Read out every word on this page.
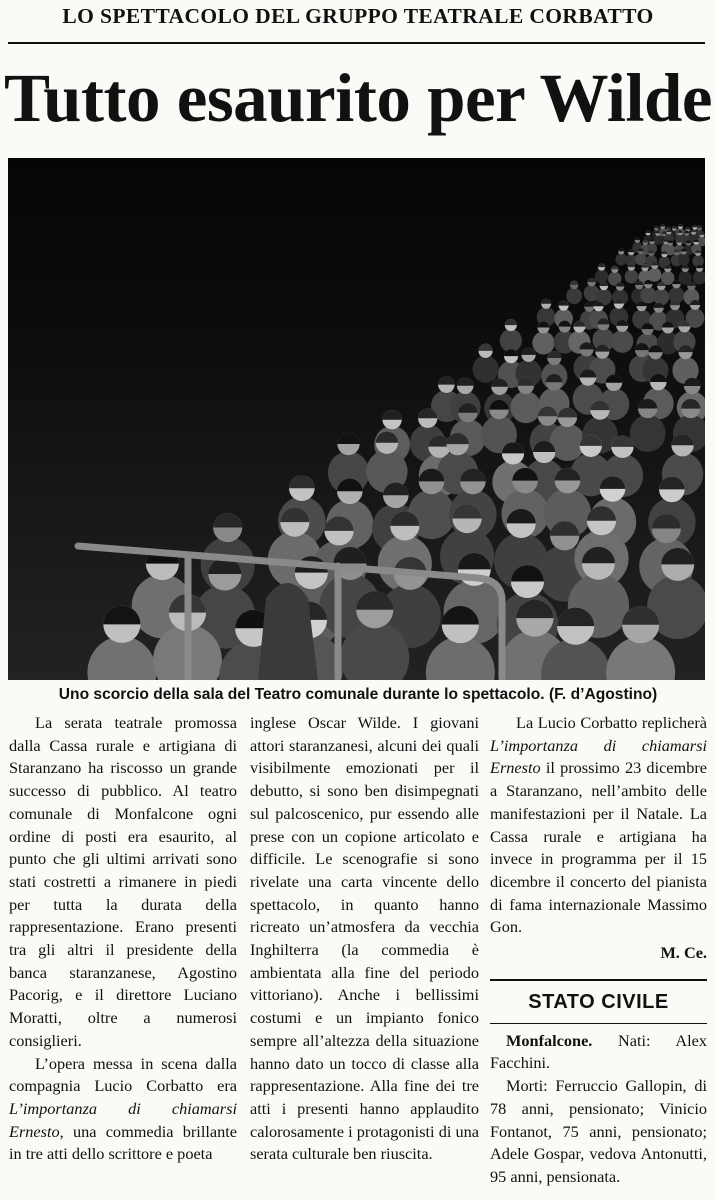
LO SPETTACOLO DEL GRUPPO TEATRALE CORBATTO
Tutto esaurito per Wilde
Uno scorcio della sala del Teatro comunale durante lo spettacolo. (F. d’Agostino)

La serata teatrale promossa dalla Cassa rurale e artigiana di Staranzano ha riscosso un grande successo di pubblico. Al teatro comunale di Monfalcone ogni ordine di posti era esaurito, al punto che gli ultimi arrivati sono stati costretti a rimanere in piedi per tutta la durata della rappresentazione. Erano presenti tra gli altri il presidente della banca staranzanese, Agostino Pacorig, e il direttore Luciano Moratti, oltre a numerosi consiglieri.

L’opera messa in scena dalla compagnia Lucio Corbatto era L’importanza di chiamarsi Ernesto, una commedia brillante in tre atti dello scrittore e poeta

La Lucio Corbatto replicherà L’importanza di chiamarsi Ernesto il prossimo 23 dicembre a Staranzano, nell’ambito delle manifestazioni per il Natale. La Cassa rurale e artigiana ha invece in programma per il 15 dicembre il concerto del pianista di fama internazionale Massimo Gon.

M. Ce.
STATO CIVILE

Monfalcone. Nati: Alex Facchini.

Morti: Ferruccio Gallopin, di 78 anni, pensionato; Vinicio Fontanot, 75 anni, pensionato; Adele Gospar, vedova Antonutti, 95 anni, pensionata.

inglese Oscar Wilde. I giovani attori staranzanesi, alcuni dei quali visibilmente emozionati per il debutto, si sono ben disimpegnati sul palcoscenico, pur essendo alle prese con un copione articolato e difficile. Le scenografie si sono rivelate una carta vincente dello spettacolo, in quanto hanno ricreato un’atmosfera da vecchia Inghilterra (la commedia è ambientata alla fine del periodo vittoriano). Anche i bellissimi costumi e un impianto fonico sempre all’altezza della situazione hanno dato un tocco di classe alla rappresentazione. Alla fine dei tre atti i presenti hanno applaudito calorosamente i protagonisti di una serata culturale ben riuscita.
